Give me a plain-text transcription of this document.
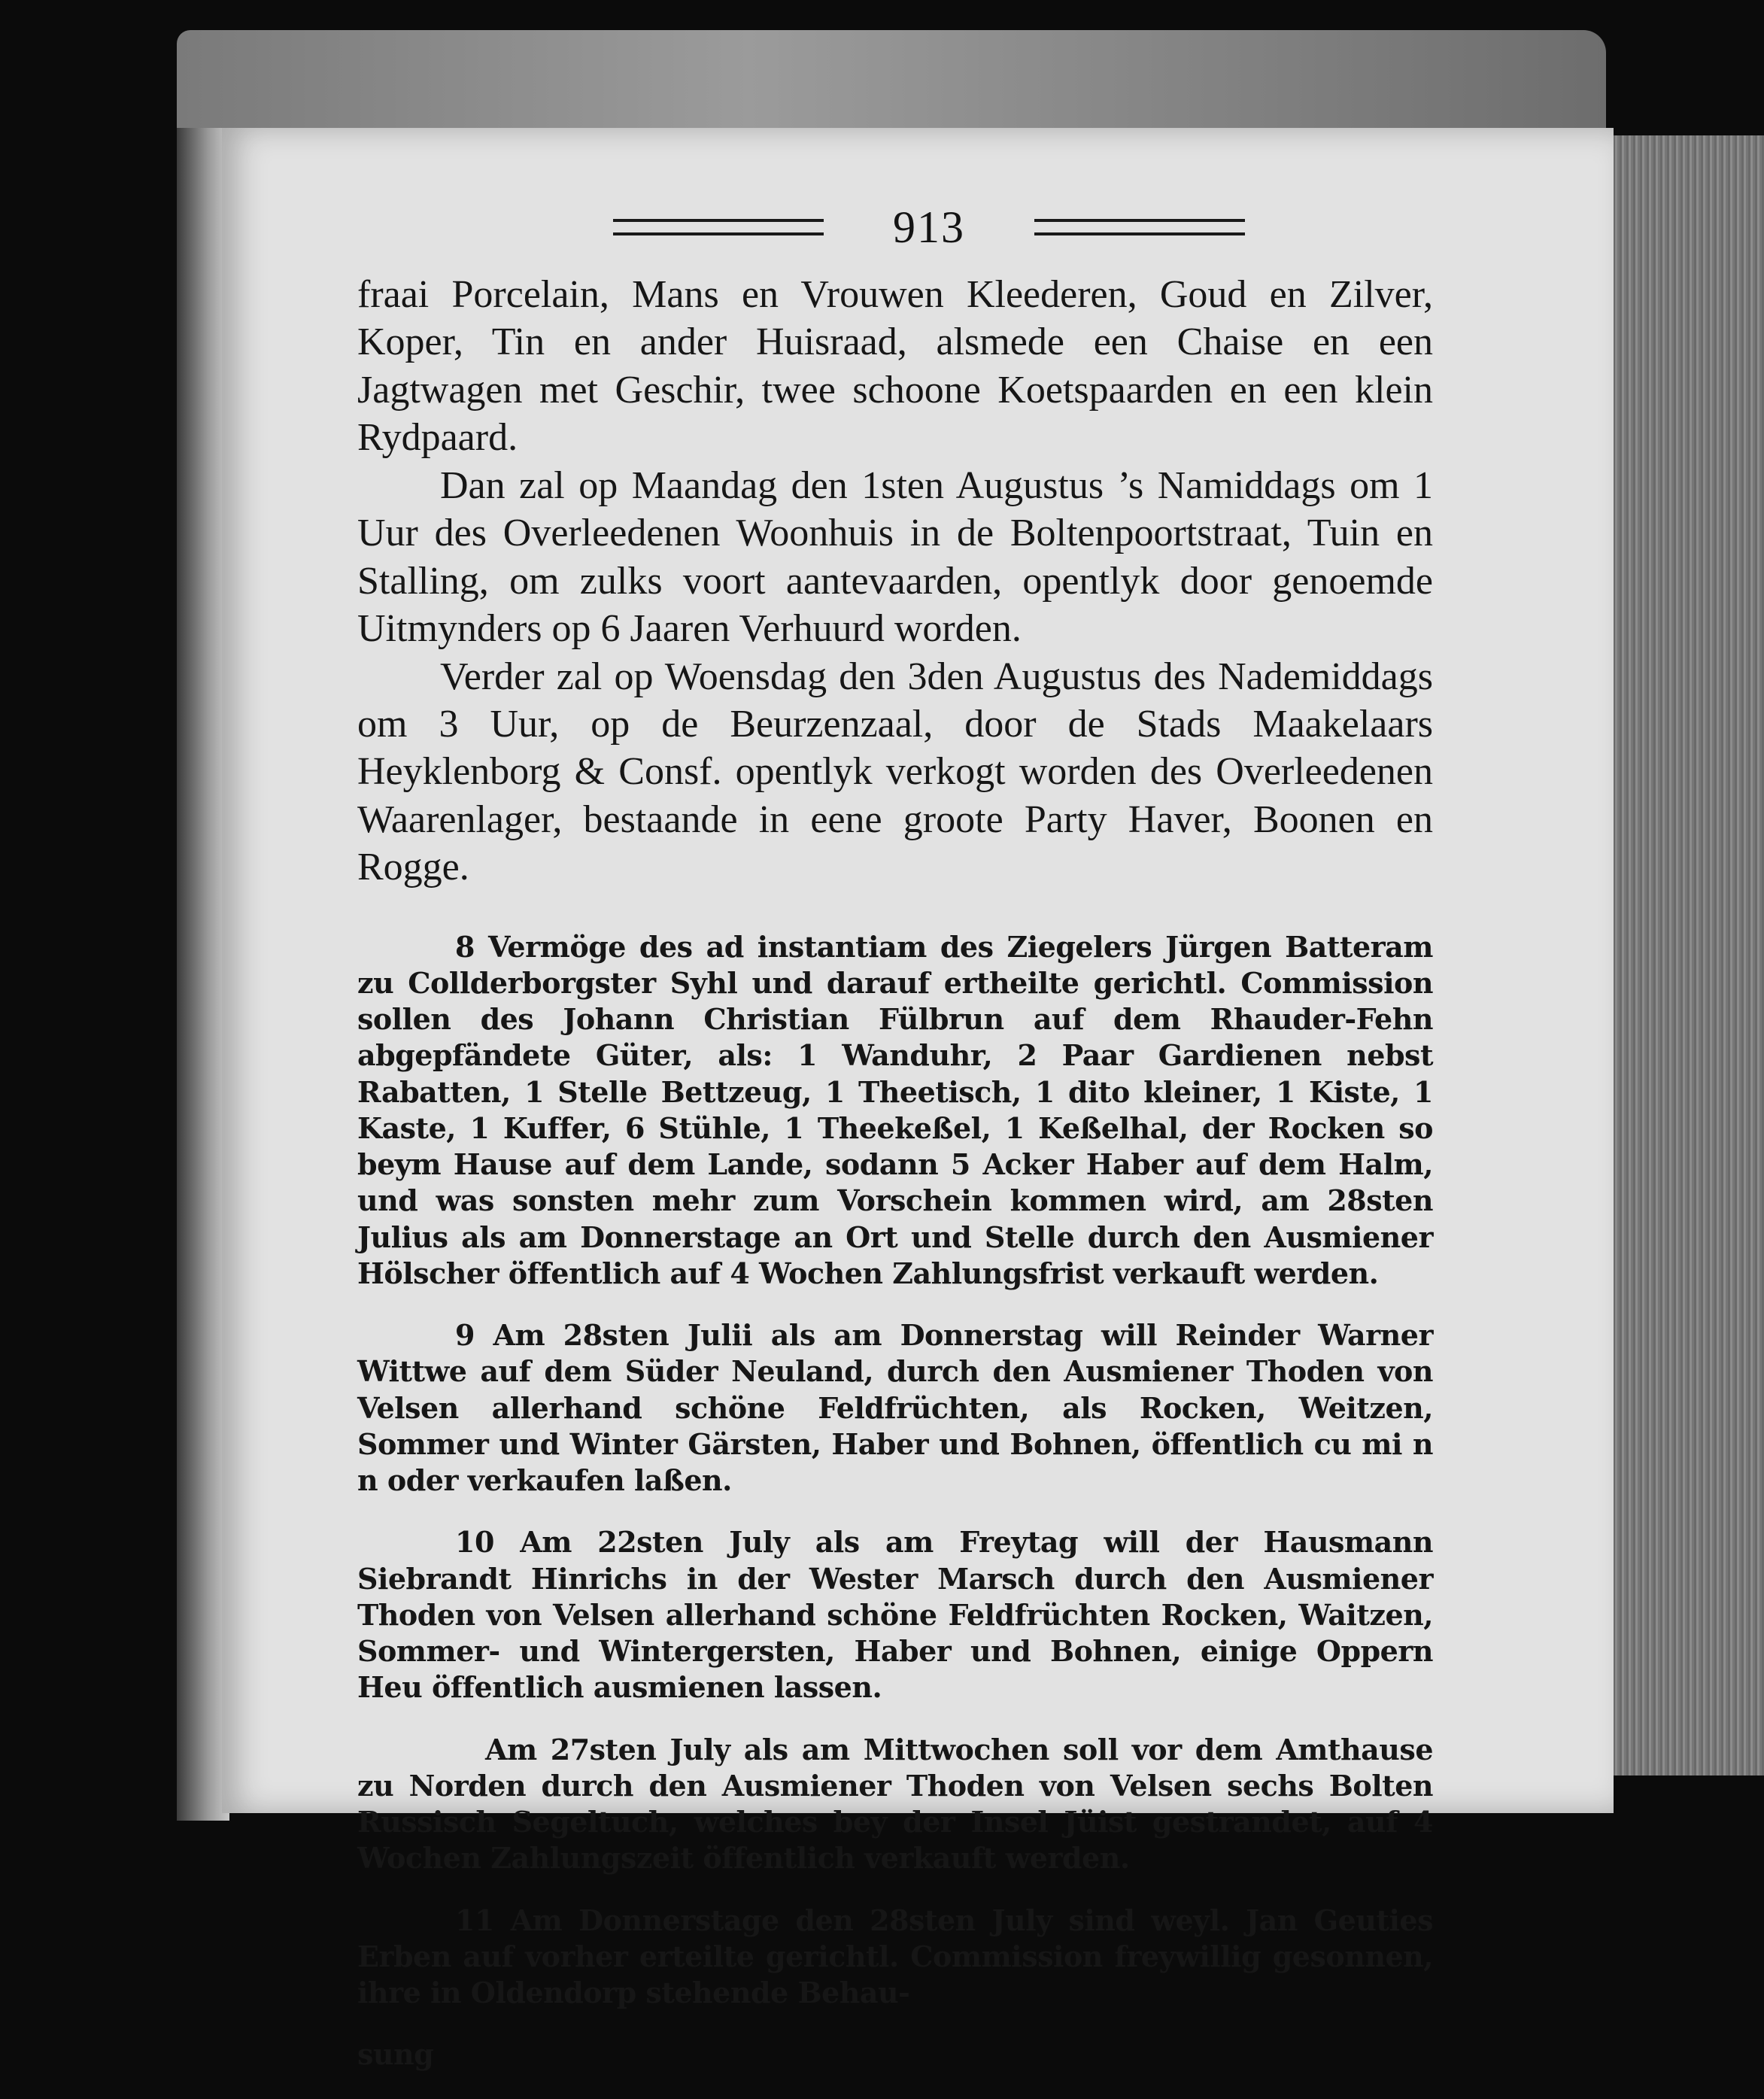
913

fraai Porcelain, Mans en Vrouwen Kleederen, Goud en Zilver, Koper, Tin en ander Huisraad, alsmede een Chaise en een Jagtwagen met Geschir, twee schoone Koetspaarden en een klein Rydpaard.

Dan zal op Maandag den 1sten Augustus ’s Namiddags om 1 Uur des Overleedenen Woonhuis in de Boltenpoortstraat, Tuin en Stalling, om zulks voort aantevaarden, opentlyk door genoemde Uitmynders op 6 Jaaren Verhuurd worden.

Verder zal op Woensdag den 3den Augustus des Nademiddags om 3 Uur, op de Beurzenzaal, door de Stads Maakelaars Heyklenborg & Consf. opentlyk verkogt worden des Overleedenen Waarenlager, bestaande in eene groote Party Haver, Boonen en Rogge.

8 Vermöge des ad instantiam des Ziegelers Jürgen Batteram zu Collderborgster Syhl und darauf ertheilte gerichtl. Commission sollen des Johann Christian Fülbrun auf dem Rhauder-Fehn abgepfändete Güter, als: 1 Wanduhr, 2 Paar Gardienen nebst Rabatten, 1 Stelle Bettzeug, 1 Theetisch, 1 dito kleiner, 1 Kiste, 1 Kaste, 1 Kuffer, 6 Stühle, 1 Theekeßel, 1 Keßelhal, der Rocken so beym Hause auf dem Lande, sodann 5 Acker Haber auf dem Halm, und was sonsten mehr zum Vorschein kommen wird, am 28sten Julius als am Donnerstage an Ort und Stelle durch den Ausmiener Hölscher öffentlich auf 4 Wochen Zahlungsfrist verkauft werden.

9 Am 28sten Julii als am Donnerstag will Reinder Warner Wittwe auf dem Süder Neuland, durch den Ausmiener Thoden von Velsen allerhand schöne Feldfrüchten, als Rocken, Weitzen, Sommer und Winter Gärsten, Haber und Bohnen, öffentlich cu mi n n oder verkaufen laßen.

10 Am 22sten July als am Freytag will der Hausmann Siebrandt Hinrichs in der Wester Marsch durch den Ausmiener Thoden von Velsen allerhand schöne Feldfrüchten Rocken, Waitzen, Sommer- und Wintergersten, Haber und Bohnen, einige Oppern Heu öffentlich ausmienen lassen.

Am 27sten July als am Mittwochen soll vor dem Amthause zu Norden durch den Ausmiener Thoden von Velsen sechs Bolten Russisch Segeltuch, welches bey der Insel Jüist gestrandet, auf 4 Wochen Zahlungszeit öffentlich verkauft werden.

11 Am Donnerstage den 28sten July sind weyl. Jan Geuties Erben auf vorher erteilte gerichtl. Commission freywillig gesonnen, ihre in Oldendorp stehende Behau-

sung
